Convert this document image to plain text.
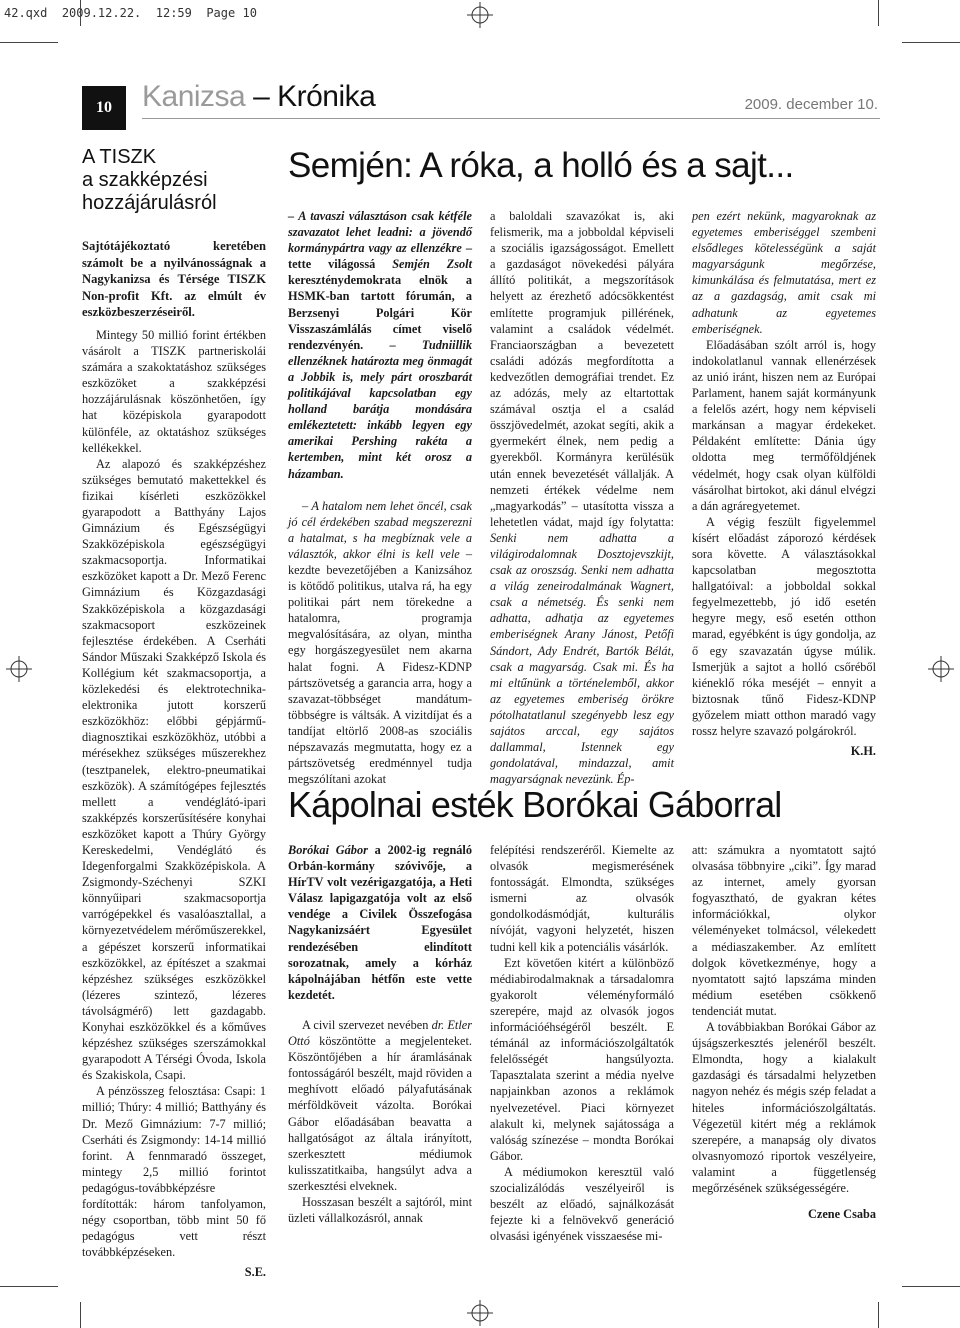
42.qxd 2009.12.22. 12:59 Page 10
10 Kanizsa – Krónika	2009. december 10.
A TISZK
a szakképzési
hozzájárulásról

Sajtótájékoztató keretében számolt be a nyilvánosságnak a Nagykanizsa és Térsége TISZK Non-profit Kft. az elmúlt év eszközbeszerzéseiről.

Mintegy 50 millió forint értékben vásárolt a TISZK partneriskolái számára a szakoktatáshoz szükséges eszközöket a szakképzési hozzájárulásnak köszönhetően, így hat középiskola gyarapodott különféle, az oktatáshoz szükséges kellékekkel.

Az alapozó és szakképzéshez szükséges bemutató makettekkel és fizikai kísérleti eszközökkel gyarapodott a Batthyány Lajos Gimnázium és Egészségügyi Szakközépiskola egészségügyi szakmacsoportja. Informatikai eszközöket kapott a Dr. Mező Ferenc Gimnázium és Közgazdasági Szakközépiskola a közgazdasági szakmacsoport eszközeinek fejlesztése érdekében. A Cserháti Sándor Műszaki Szakképző Iskola és Kollégium két szakmacsoportja, a közlekedési és elektrotechnika-elektronika jutott korszerű eszközökhöz: előbbi gépjármű-diagnosztikai eszközökhöz, utóbbi a mérésekhez szükséges műszerekhez (tesztpanelek, elektro-pneumatikai eszközök). A számítógépes fejlesztés mellett a vendéglátó-ipari szakképzés korszerűsítésére konyhai eszközöket kapott a Thúry György Kereskedelmi, Vendéglátó és Idegenforgalmi Szakközépiskola. A Zsigmondy-Széchenyi SZKI könnyűipari szakmacsoportja varrógépekkel és vasalóasztallal, a környezetvédelem mérőműszerekkel, a gépészet korszerű informatikai eszközökkel, az építészet a szakmai képzéshez szükséges eszközökkel (lézeres szintező, lézeres távolságmérő) lett gazdagabb. Konyhai eszközökkel és a kőműves képzéshez szükséges szerszámokkal gyarapodott A Térségi Óvoda, Iskola és Szakiskola, Csapi.

A pénzösszeg felosztása: Csapi: 1 millió; Thúry: 4 millió; Batthyány és Dr. Mező Gimnázium: 7-7 millió; Cserháti és Zsigmondy: 14-14 millió forint. A fennmaradó összeget, mintegy 2,5 millió forintot pedagógus-továbbképzésre fordították: három tanfolyamon, négy csoportban, több mint 50 fő pedagógus vett részt továbbképzéseken.

S.E.
Semjén: A róka, a holló és a sajt...

– A tavaszi választáson csak kétféle szavazatot lehet leadni: a jövendő kormánypártra vagy az ellenzékre – tette világossá Semjén Zsolt kereszténydemokrata elnök a HSMK-ban tartott fórumán, a Berzsenyi Polgári Kör Visszaszámlálás címet viselő rendezvényén. – Tudniillik ellenzéknek határozta meg önmagát a Jobbik is, mely párt oroszbarát politikájával kapcsolatban egy holland barátja mondására emlékeztetett: inkább legyen egy amerikai Pershing rakéta a kertemben, mint két orosz a házamban.

– A hatalom nem lehet öncél, csak jó cél érdekében szabad megszerezni a hatalmat, s ha megbíznak vele a választók, akkor élni is kell vele – kezdte bevezetőjében a Kanizsához is kötődő politikus, utalva rá, ha egy politikai párt nem törekedne a hatalomra, programja megvalósítására, az olyan, mintha egy horgászegyesület nem akarna halat fogni. A Fidesz-KDNP pártszövetség a garancia arra, hogy a szavazat-többséget mandátum-többségre is váltsák. A vizitdíjat és a tandíjat eltörlő 2008-as szociális népszavazás megmutatta, hogy ez a pártszövetség eredménnyel tudja megszólítani azokat

a baloldali szavazókat is, aki felismerik, ma a jobboldal képviseli a szociális igazságosságot. Emellett a gazdaságot növekedési pályára állító politikát, a megszorítások helyett az érezhető adócsökkentést említette programjuk pillérének, valamint a családok védelmét. Franciaországban a bevezetett családi adózás megfordította a kedvezőtlen demográfiai trendet. Ez az adózás, mely az eltartottak számával osztja el a család összjövedelmét, azokat segíti, akik a gyermekért élnek, nem pedig a gyerekből. Kormányra kerülésük után ennek bevezetését vállalják. A nemzeti értékek védelme nem „magyarkodás” – utasította vissza a lehetetlen vádat, majd így folytatta: Senki nem adhatta a világirodalomnak Dosztojevszkijt, csak az oroszság. Senki nem adhatta a világ zeneirodalmának Wagnert, csak a németség. És senki nem adhatta, adhatja az egyetemes emberiségnek Arany Jánost, Petőfi Sándort, Ady Endrét, Bartók Bélát, csak a magyarság. Csak mi. És ha mi eltűnünk a történelemből, akkor az egyetemes emberiség örökre pótolhatatlanul szegényebb lesz egy sajátos arccal, egy sajátos dallammal, Istennek egy gondolatával, mindazzal, amit magyarságnak nevezünk. Ép-

pen ezért nekünk, magyaroknak az egyetemes emberiséggel szembeni elsődleges kötelességünk a saját magyarságunk megőrzése, kimunkálása és felmutatása, mert ez az a gazdagság, amit csak mi adhatunk az egyetemes emberiségnek.

Előadásában szólt arról is, hogy indokolatlanul vannak ellenérzések az unió iránt, hiszen nem az Európai Parlament, hanem saját kormányunk a felelős azért, hogy nem képviseli markánsan a magyar érdekeket. Példaként említette: Dánia úgy oldotta meg termőföldjének védelmét, hogy csak olyan külföldi vásárolhat birtokot, aki dánul elvégzi a dán agráregyetemet.

A végig feszült figyelemmel kísért előadást záporozó kérdések sora követte. A választásokkal kapcsolatban megosztotta hallgatóival: a jobboldal sokkal fegyelmezettebb, jó idő esetén hegyre megy, eső esetén otthon marad, egyébként is úgy gondolja, az ő egy szavazatán úgyse múlik. Ismerjük a sajtot a holló csőréből kiéneklő róka meséjét – ennyit a biztosnak tűnő Fidesz-KDNP győzelem miatt otthon maradó vagy rossz helyre szavazó polgárokról.

K.H.
Kápolnai esték Borókai Gáborral

Borókai Gábor a 2002-ig regnáló Orbán-kormány szóvivője, a HírTV volt vezérigazgatója, a Heti Válasz lapigazgatója volt az első vendége a Civilek Összefogása Nagykanizsáért Egyesület rendezésében elindított sorozatnak, amely a kórház kápolnájában hétfőn este vette kezdetét.

A civil szervezet nevében dr. Etler Ottó köszöntötte a megjelenteket. Köszöntőjében a hír áramlásának fontosságáról beszélt, majd röviden a meghívott előadó pályafutásának mérföldköveit vázolta. Borókai Gábor előadásában beavatta a hallgatóságot az általa irányított, szerkesztett médiumok kulisszatitkaiba, hangsúlyt adva a szerkesztési elveknek.

Hosszasan beszélt a sajtóról, mint üzleti vállalkozásról, annak

felépítési rendszeréről. Kiemelte az olvasók megismerésének fontosságát. Elmondta, szükséges ismerni az olvasók gondolkodásmódját, kulturális nívóját, vagyoni helyzetét, hiszen tudni kell kik a potenciális vásárlók.

Ezt követően kitért a különböző médiabirodalmaknak a társadalomra gyakorolt véleményformáló szerepére, majd az olvasók jogos információéhségéről beszélt. E témánál az információszolgáltatók felelősségét hangsúlyozta. Tapasztalata szerint a média nyelve napjainkban azonos a reklámok nyelvezetével. Piaci környezet alakult ki, melynek sajátossága a valóság színezése – mondta Borókai Gábor.

A médiumokon keresztül való szocializálódás veszélyeiről is beszélt az előadó, sajnálkozását fejezte ki a felnövekvő generáció olvasási igényének visszaesése mi-

att: számukra a nyomtatott sajtó olvasása többnyire „ciki”. Így marad az internet, amely gyorsan fogyasztható, de gyakran kétes információkkal, olykor véleményeket tolmácsol, vélekedett a médiaszakember. Az említett dolgok következménye, hogy a nyomtatott sajtó lapszáma minden médium esetében csökkenő tendenciát mutat.

A továbbiakban Borókai Gábor az újságszerkesztés jelenéről beszélt. Elmondta, hogy a kialakult gazdasági és társadalmi helyzetben nagyon nehéz és mégis szép feladat a hiteles információszolgáltatás. Végezetül kitért még a reklámok szerepére, a manapság oly divatos olvasnyomozó riportok veszélyeire, valamint a függetlenség megőrzésének szükségességére.

Czene Csaba
